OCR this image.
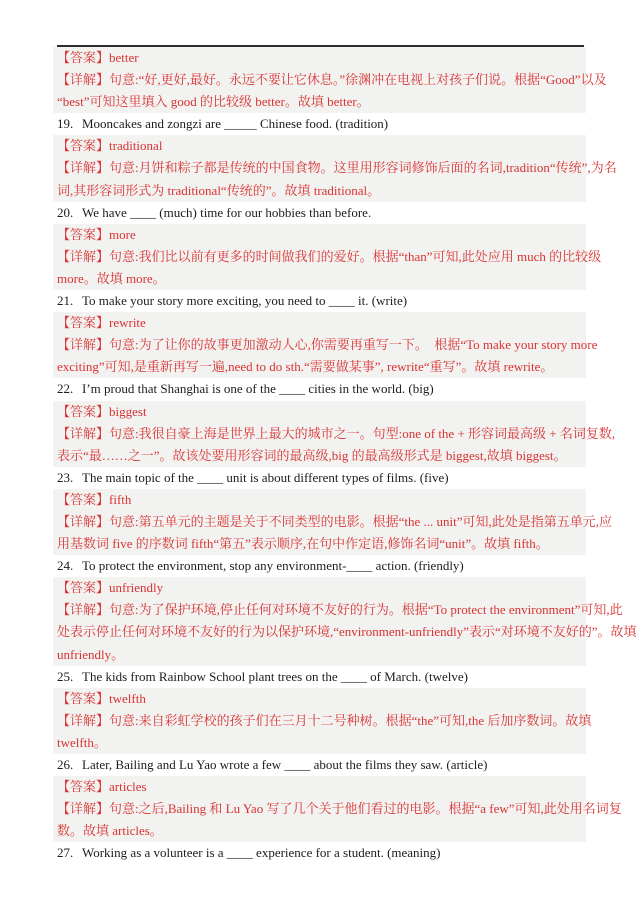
【答案】better
【详解】句意:“好,更好,最好。永远不要让它休息。”徐渊冲在电视上对孩子们说。根据“Good”以及
“best”可知这里填入 good 的比较级 better。故填 better。
19. Mooncakes and zongzi are _____ Chinese food. (tradition)
【答案】traditional
【详解】句意:月饼和粽子都是传统的中国食物。这里用形容词修饰后面的名词,tradition“传统”,为名
词,其形容词形式为 traditional“传统的”。故填 traditional。
20. We have ____ (much) time for our hobbies than before.
【答案】more
【详解】句意:我们比以前有更多的时间做我们的爱好。根据“than”可知,此处应用 much 的比较级
more。故填 more。
21. To make your story more exciting, you need to ____ it. (write)
【答案】rewrite
【详解】句意:为了让你的故事更加激动人心,你需要再重写一下。  根据“To make your story more
exciting”可知,是重新再写一遍,need to do sth.“需要做某事”, rewrite“重写”。故填 rewrite。
22. I’m proud that Shanghai is one of the ____ cities in the world. (big)
【答案】biggest
【详解】句意:我很自豪上海是世界上最大的城市之一。句型:one of the + 形容词最高级 + 名词复数,
表示“最……之一”。故该处要用形容词的最高级,big 的最高级形式是 biggest,故填 biggest。
23. The main topic of the ____ unit is about different types of films. (five)
【答案】fifth
【详解】句意:第五单元的主题是关于不同类型的电影。根据“the ... unit”可知,此处是指第五单元,应
用基数词 five 的序数词 fifth“第五”表示顺序,在句中作定语,修饰名词“unit”。故填 fifth。
24. To protect the environment, stop any environment-____ action. (friendly)
【答案】unfriendly
【详解】句意:为了保护环境,停止任何对环境不友好的行为。根据“To protect the environment”可知,此
处表示停止任何对环境不友好的行为以保护环境,“environment-unfriendly”表示“对环境不友好的”。故填
unfriendly。
25. The kids from Rainbow School plant trees on the ____ of March. (twelve)
【答案】twelfth
【详解】句意:来自彩虹学校的孩子们在三月十二号种树。根据“the”可知,the 后加序数词。故填
twelfth。
26. Later, Bailing and Lu Yao wrote a few ____ about the films they saw. (article)
【答案】articles
【详解】句意:之后,Bailing 和 Lu Yao 写了几个关于他们看过的电影。根据“a few”可知,此处用名词复
数。故填 articles。
27. Working as a volunteer is a ____ experience for a student. (meaning)
